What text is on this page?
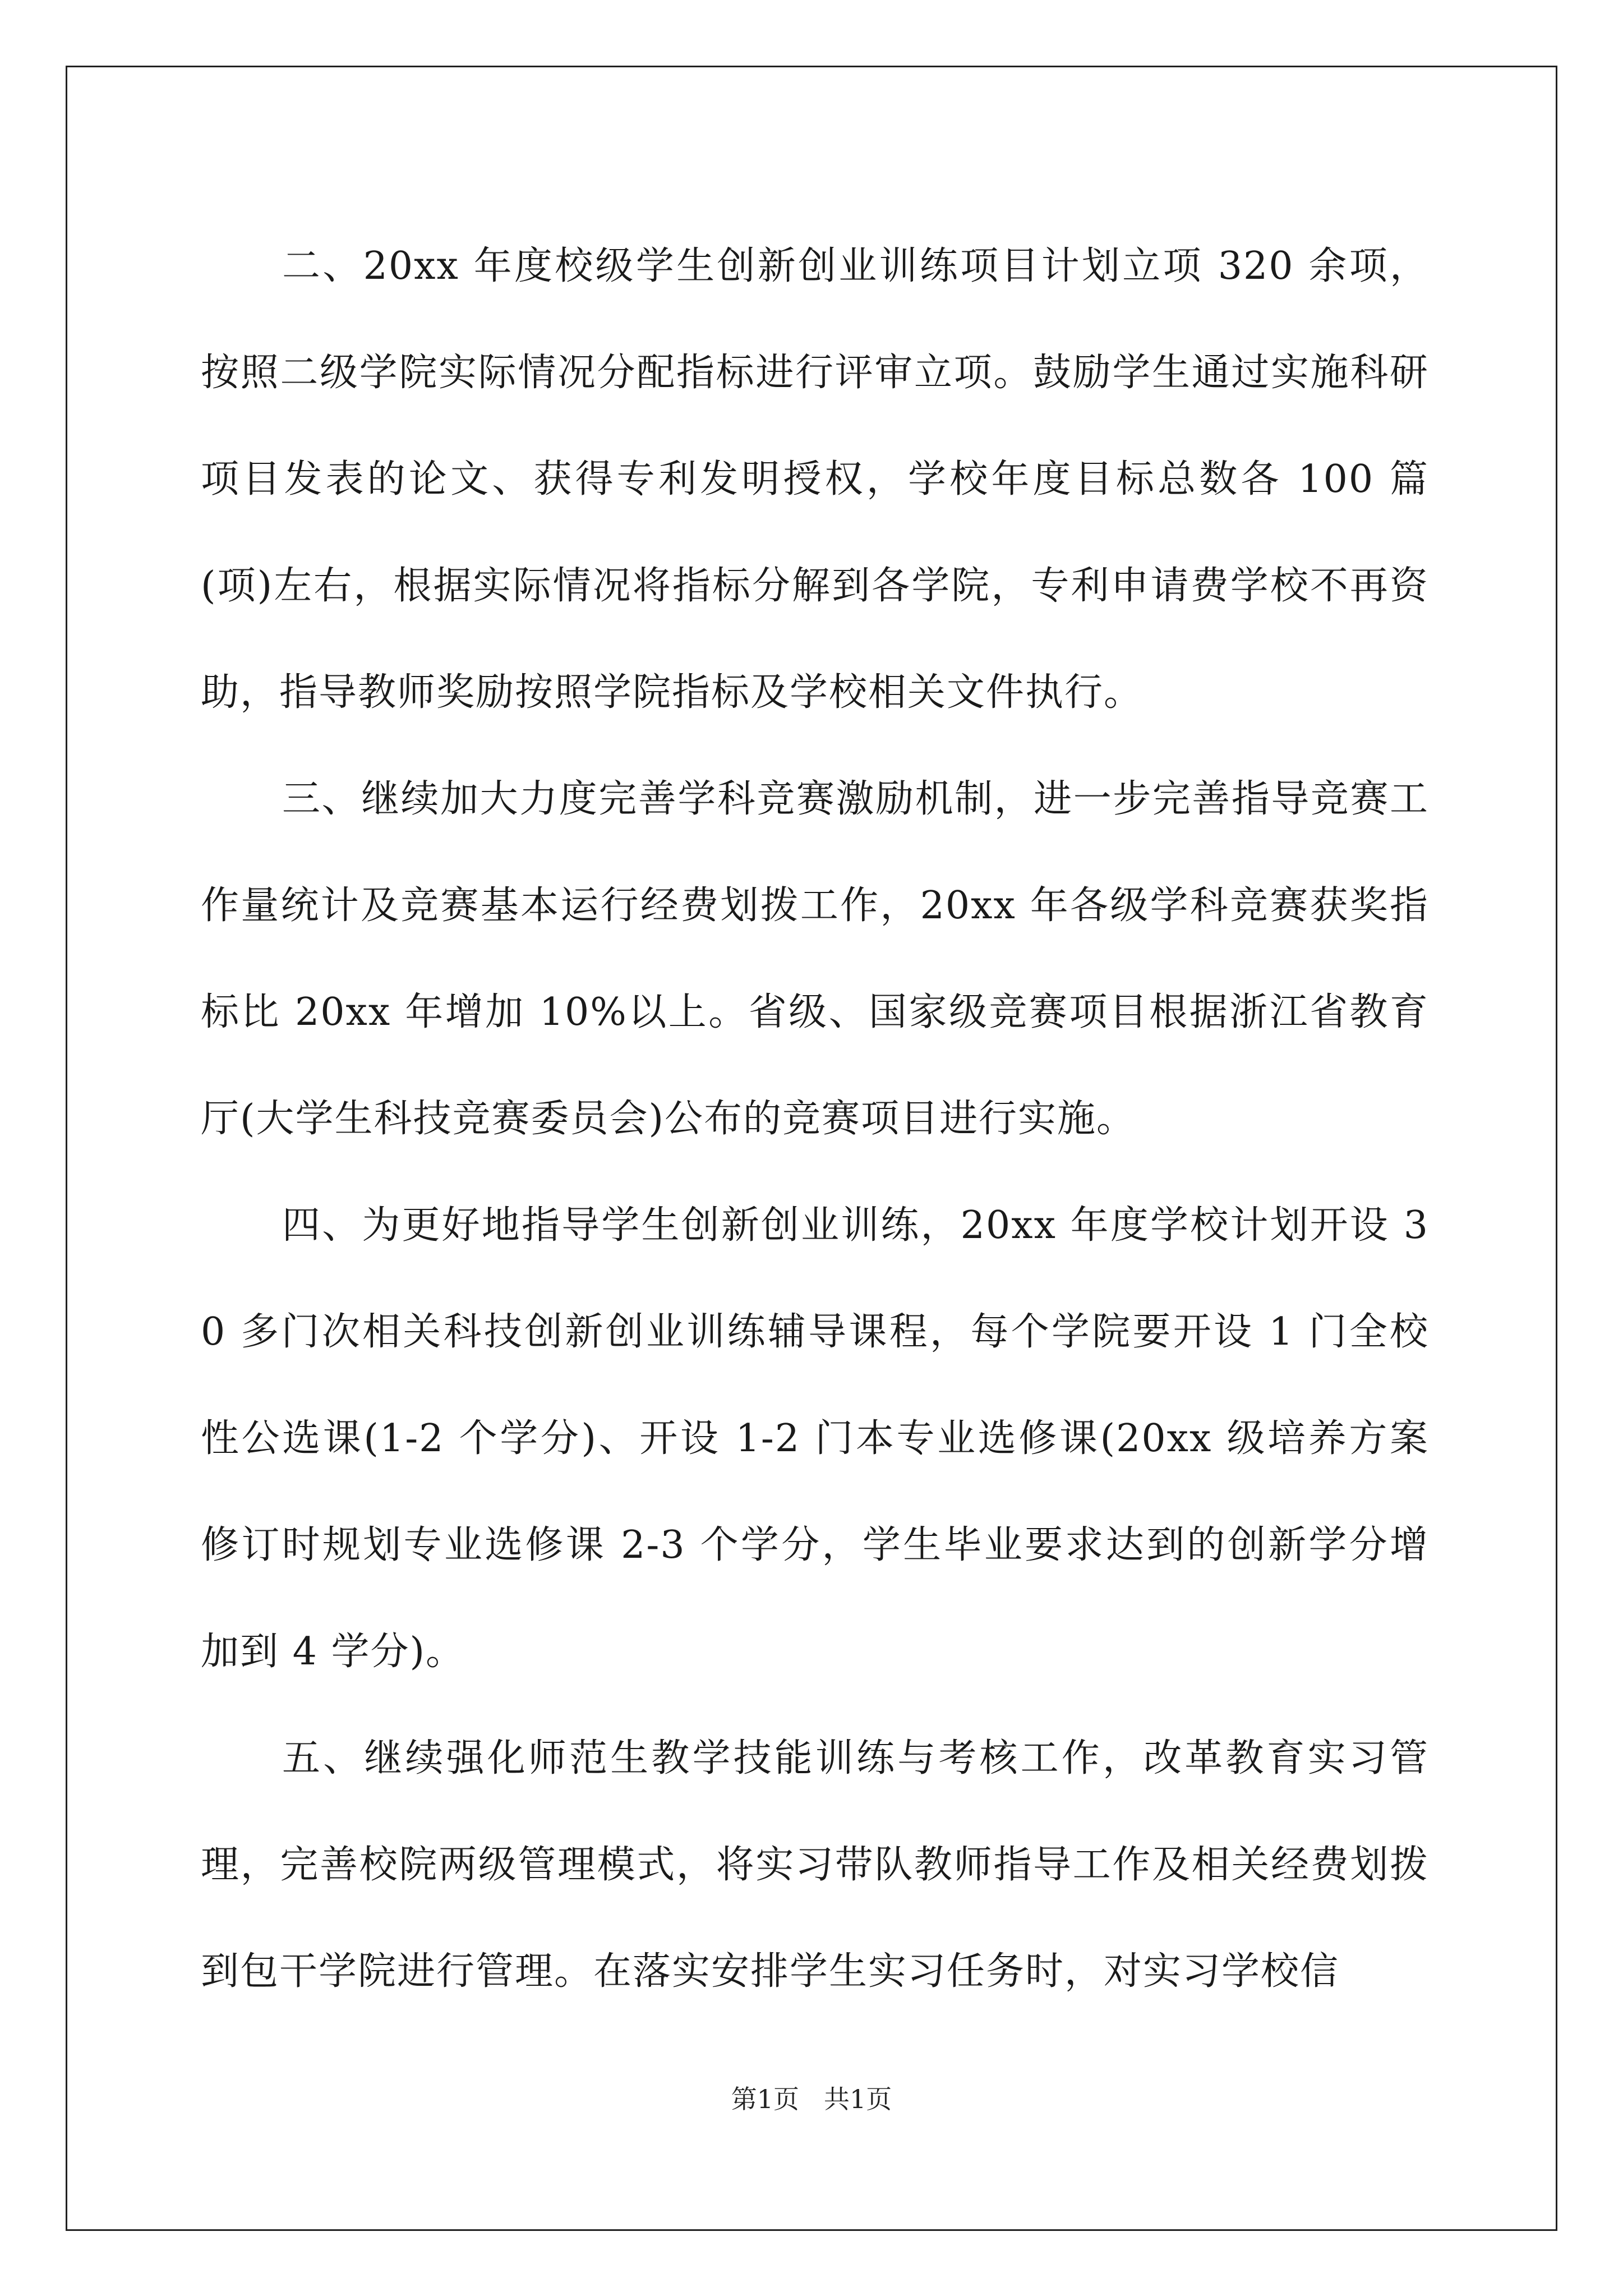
二、20xx 年度校级学生创新创业训练项目计划立项 320 余项，按照二级学院实际情况分配指标进行评审立项。鼓励学生通过实施科研项目发表的论文、获得专利发明授权，学校年度目标总数各 100 篇(项)左右，根据实际情况将指标分解到各学院，专利申请费学校不再资助，指导教师奖励按照学院指标及学校相关文件执行。

三、继续加大力度完善学科竞赛激励机制，进一步完善指导竞赛工作量统计及竞赛基本运行经费划拨工作，20xx 年各级学科竞赛获奖指标比 20xx 年增加 10%以上。省级、国家级竞赛项目根据浙江省教育厅(大学生科技竞赛委员会)公布的竞赛项目进行实施。

四、为更好地指导学生创新创业训练，20xx 年度学校计划开设 30 多门次相关科技创新创业训练辅导课程，每个学院要开设 1 门全校性公选课(1-2 个学分)、开设 1-2 门本专业选修课(20xx 级培养方案修订时规划专业选修课 2-3 个学分，学生毕业要求达到的创新学分增加到 4 学分)。

五、继续强化师范生教学技能训练与考核工作，改革教育实习管理，完善校院两级管理模式，将实习带队教师指导工作及相关经费划拨到包干学院进行管理。在落实安排学生实习任务时，对实习学校信

第1页 共1页
